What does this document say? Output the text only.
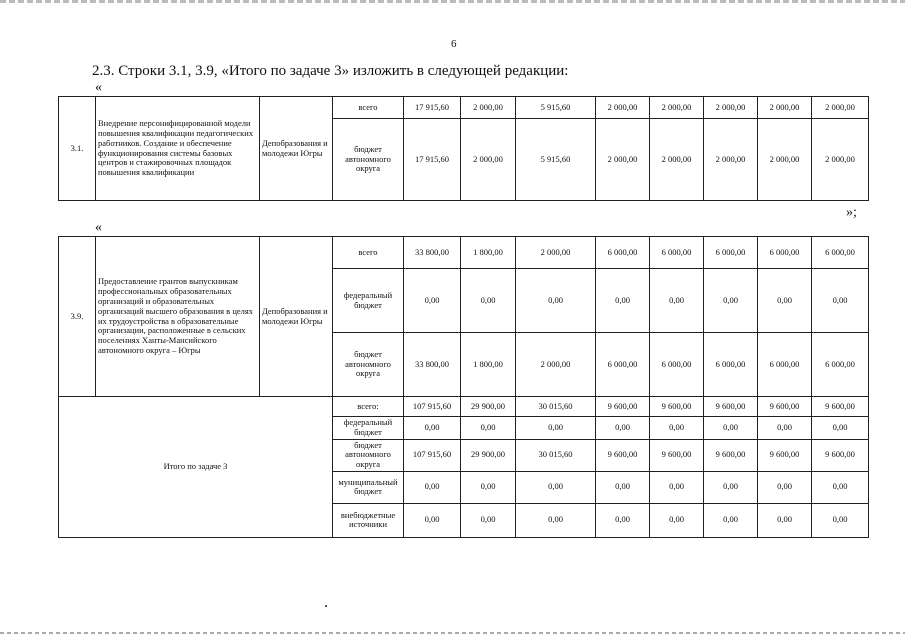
6
2.3. Строки 3.1, 3.9, «Итого по задаче 3» изложить в следующей редакции:
«
3.1.	Внедрение персонифицированной модели повышения квалификации педагогических работников. Создание и обеспечение функционирования системы базовых центров и стажировочных площадок повышения квалификации	Депобразования и молодежи Югры	всего	17 915,60	2 000,00	5 915,60	2 000,00	2 000,00	2 000,00	2 000,00	2 000,00
			бюджет автономного округа	17 915,60	2 000,00	5 915,60	2 000,00	2 000,00	2 000,00	2 000,00	2 000,00
»;
«
3.9.	Предоставление грантов выпускникам профессиональных образовательных организаций и образовательных организаций высшего образования в целях их трудоустройства в образовательные организации, расположенные в сельских поселениях Ханты-Мансийского автономного округа – Югры	Депобразования и молодежи Югры	всего	33 800,00	1 800,00	2 000,00	6 000,00	6 000,00	6 000,00	6 000,00	6 000,00
			федеральный бюджет	0,00	0,00	0,00	0,00	0,00	0,00	0,00	0,00
			бюджет автономного округа	33 800,00	1 800,00	2 000,00	6 000,00	6 000,00	6 000,00	6 000,00	6 000,00
Итого по задаче 3			всего:	107 915,60	29 900,00	30 015,60	9 600,00	9 600,00	9 600,00	9 600,00	9 600,00
			федеральный бюджет	0,00	0,00	0,00	0,00	0,00	0,00	0,00	0,00
			бюджет автономного округа	107 915,60	29 900,00	30 015,60	9 600,00	9 600,00	9 600,00	9 600,00	9 600,00
			муниципальный бюджет	0,00	0,00	0,00	0,00	0,00	0,00	0,00	0,00
			внебюджетные источники	0,00	0,00	0,00	0,00	0,00	0,00	0,00	0,00
